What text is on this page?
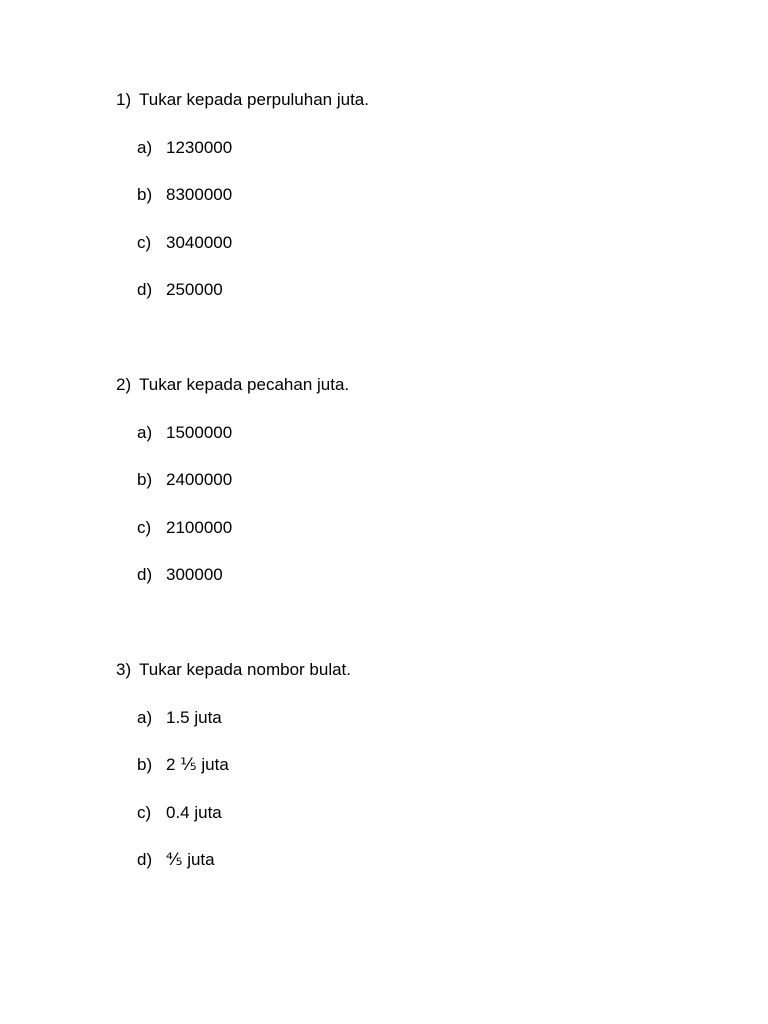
1) Tukar kepada perpuluhan juta.
a) 1230000
b) 8300000
c) 3040000
d) 250000
2) Tukar kepada pecahan juta.
a) 1500000
b) 2400000
c) 2100000
d) 300000
3) Tukar kepada nombor bulat.
a) 1.5 juta
b) 2 ⅕ juta
c) 0.4 juta
d) ⅘ juta
